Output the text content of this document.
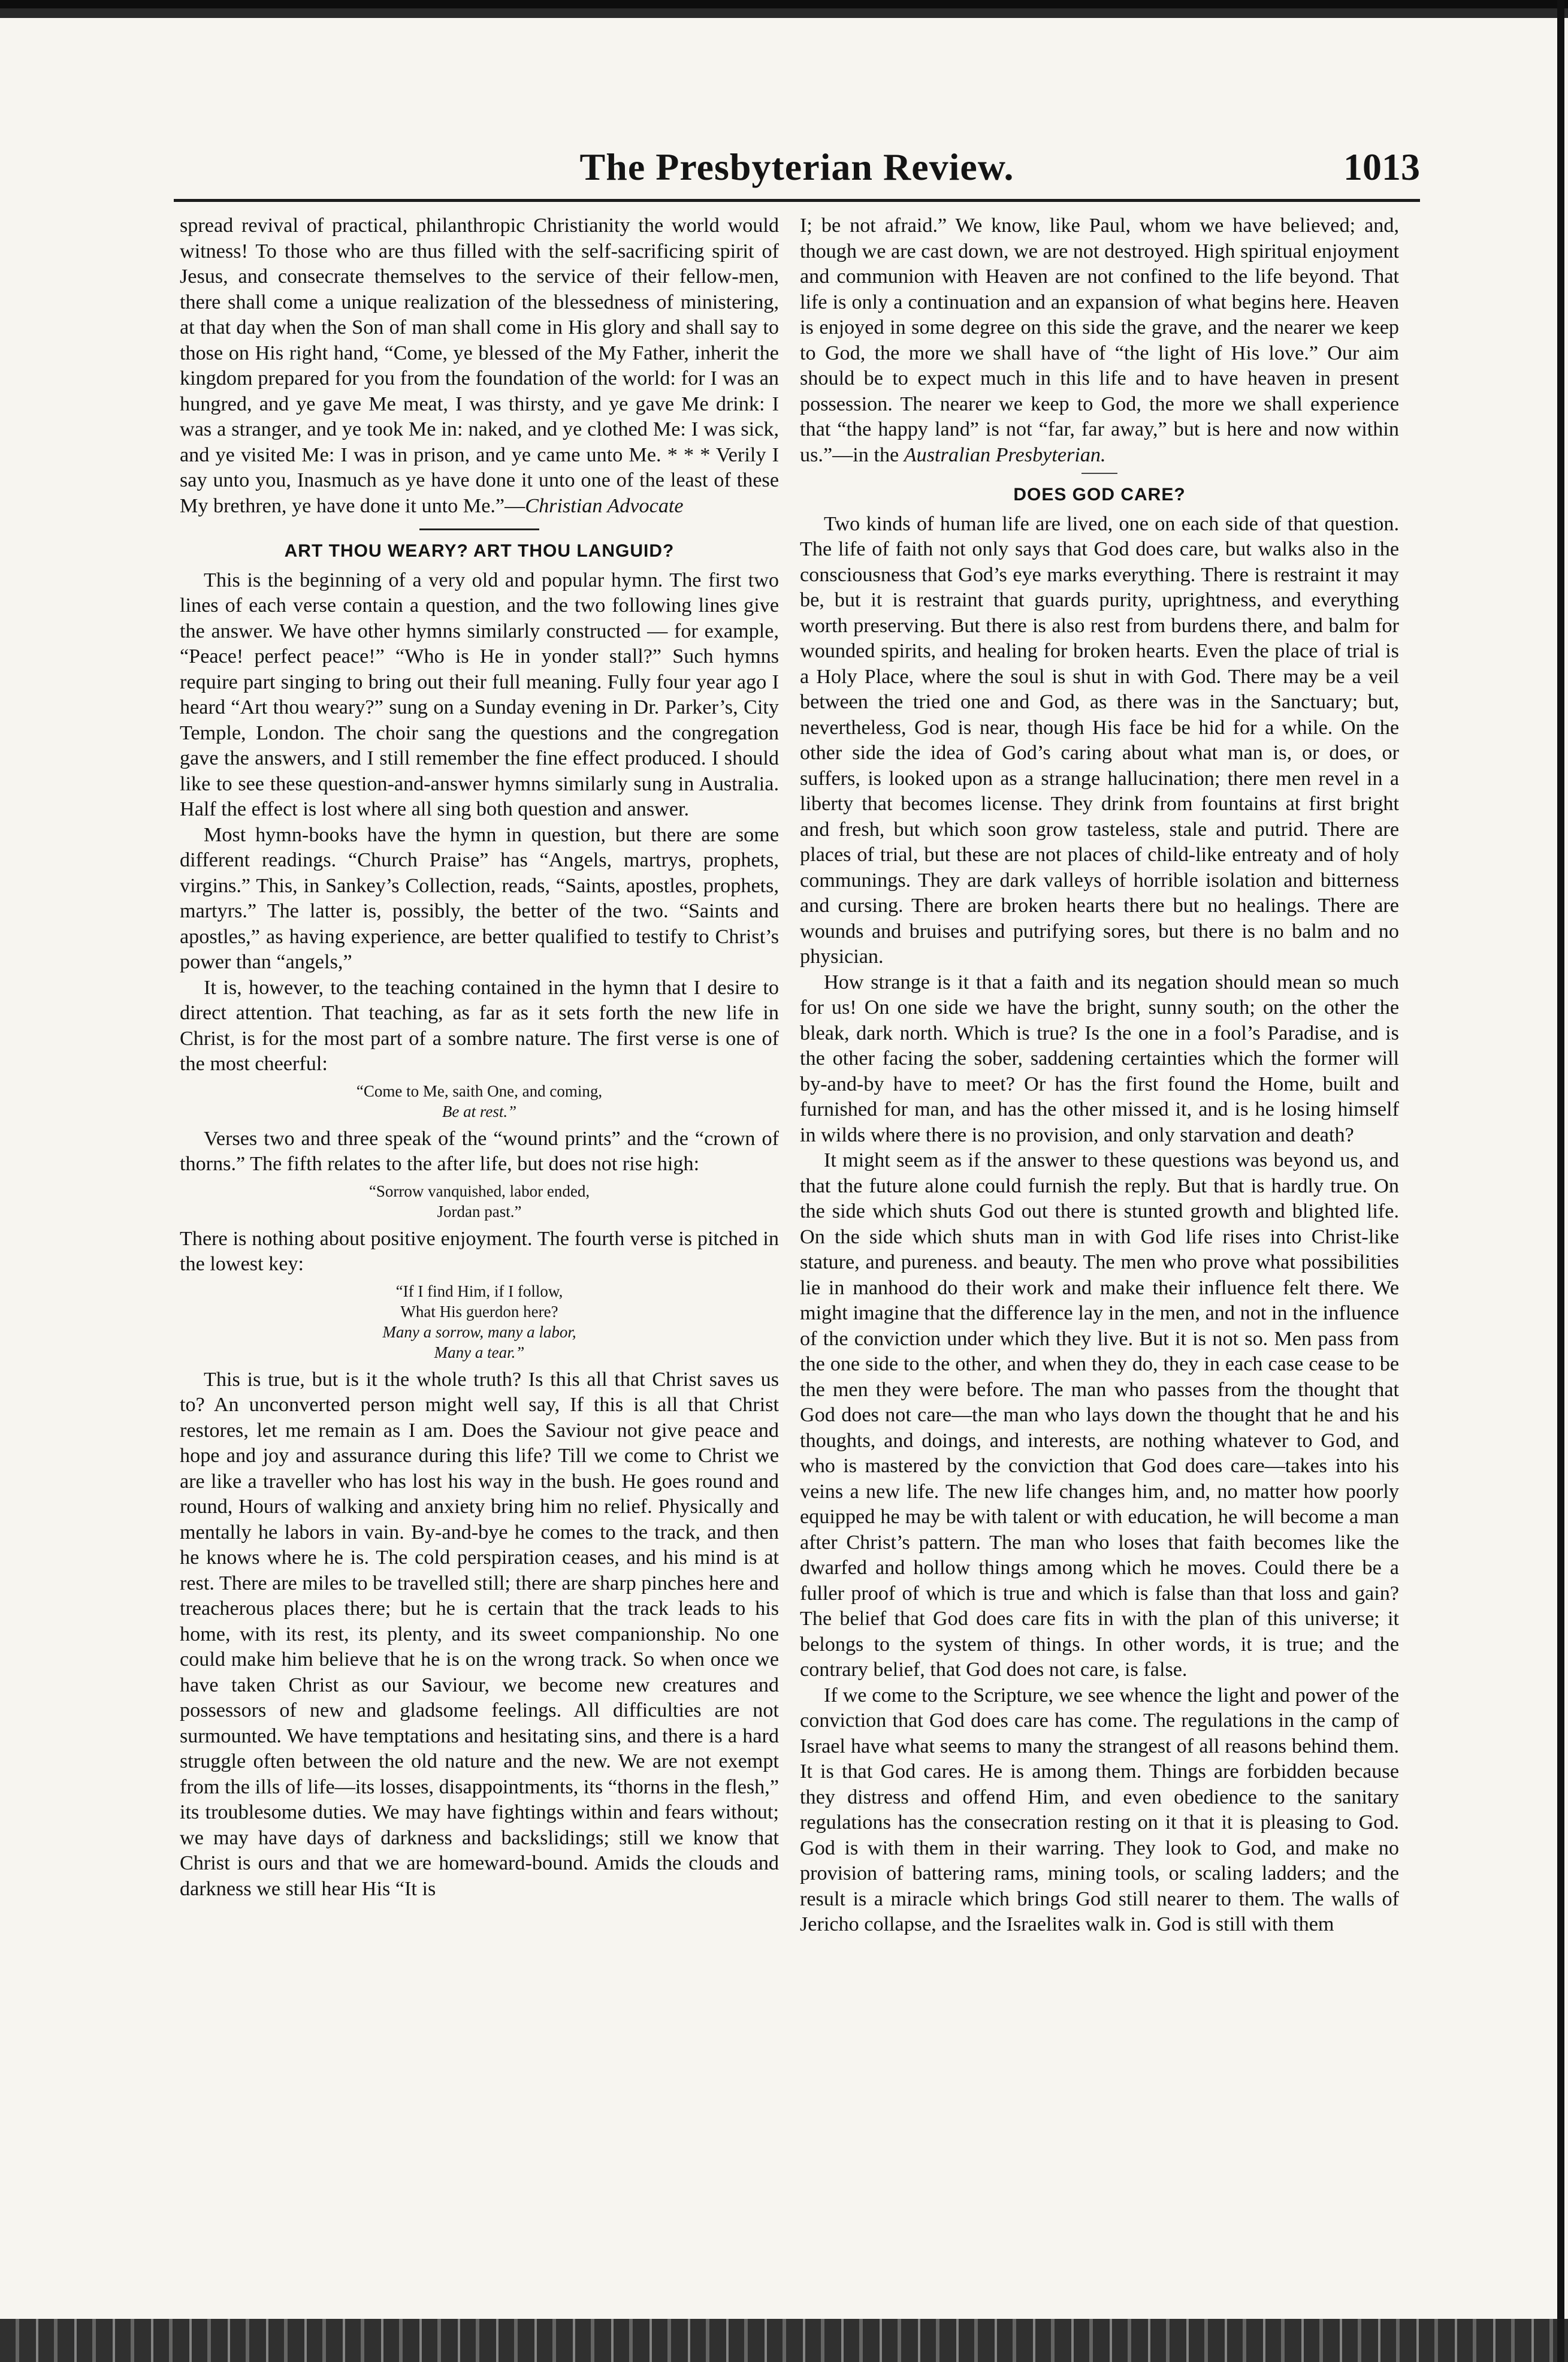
The Presbyterian Review.	1013

spread revival of practical, philanthropic Christianity the world would witness! To those who are thus filled with the self-sacrificing spirit of Jesus, and consecrate themselves to the service of their fellow-men, there shall come a unique realization of the blessedness of ministering, at that day when the Son of man shall come in His glory and shall say to those on His right hand, “Come, ye blessed of the My Father, inherit the kingdom prepared for you from the foundation of the world: for I was an hungred, and ye gave Me meat, I was thirsty, and ye gave Me drink: I was a stranger, and ye took Me in: naked, and ye clothed Me: I was sick, and ye visited Me: I was in prison, and ye came unto Me. * * * Verily I say unto you, Inasmuch as ye have done it unto one of the least of these My brethren, ye have done it unto Me.”—Christian Advocate

ART THOU WEARY? ART THOU LANGUID?

This is the beginning of a very old and popular hymn. The first two lines of each verse contain a question, and the two following lines give the answer. We have other hymns similarly constructed — for example, “Peace! perfect peace!” “Who is He in yonder stall?” Such hymns require part singing to bring out their full meaning. Fully four year ago I heard “Art thou weary?” sung on a Sunday evening in Dr. Parker’s, City Temple, London. The choir sang the questions and the congregation gave the answers, and I still remember the fine effect produced. I should like to see these question-and-answer hymns similarly sung in Australia. Half the effect is lost where all sing both question and answer.

Most hymn-books have the hymn in question, but there are some different readings. “Church Praise” has “Angels, martrys, prophets, virgins.” This, in Sankey’s Collection, reads, “Saints, apostles, prophets, martyrs.” The latter is, possibly, the better of the two. “Saints and apostles,” as having experience, are better qualified to testify to Christ’s power than “angels,”

It is, however, to the teaching contained in the hymn that I desire to direct attention. That teaching, as far as it sets forth the new life in Christ, is for the most part of a sombre nature. The first verse is one of the most cheerful:

“Come to Me, saith One, and coming,
Be at rest.”

Verses two and three speak of the “wound prints” and the “crown of thorns.” The fifth relates to the after life, but does not rise high:

“Sorrow vanquished, labor ended,
Jordan past.”

There is nothing about positive enjoyment. The fourth verse is pitched in the lowest key:

“If I find Him, if I follow,
What His guerdon here?
Many a sorrow, many a labor,
Many a tear.”

This is true, but is it the whole truth? Is this all that Christ saves us to? An unconverted person might well say, If this is all that Christ restores, let me remain as I am. Does the Saviour not give peace and hope and joy and assurance during this life? Till we come to Christ we are like a traveller who has lost his way in the bush. He goes round and round, Hours of walking and anxiety bring him no relief. Physically and mentally he labors in vain. By-and-bye he comes to the track, and then he knows where he is. The cold perspiration ceases, and his mind is at rest. There are miles to be travelled still; there are sharp pinches here and treacherous places there; but he is certain that the track leads to his home, with its rest, its plenty, and its sweet companionship. No one could make him believe that he is on the wrong track. So when once we have taken Christ as our Saviour, we become new creatures and possessors of new and gladsome feelings. All difficulties are not surmounted. We have temptations and hesitating sins, and there is a hard struggle often between the old nature and the new. We are not exempt from the ills of life—its losses, disappointments, its “thorns in the flesh,” its troublesome duties. We may have fightings within and fears without; we may have days of darkness and backslidings; still we know that Christ is ours and that we are homeward-bound. Amids the clouds and darkness we still hear His “It is

I; be not afraid.” We know, like Paul, whom we have believed; and, though we are cast down, we are not destroyed. High spiritual enjoyment and communion with Heaven are not confined to the life beyond. That life is only a continuation and an expansion of what begins here. Heaven is enjoyed in some degree on this side the grave, and the nearer we keep to God, the more we shall have of “the light of His love.” Our aim should be to expect much in this life and to have heaven in present possession. The nearer we keep to God, the more we shall experience that “the happy land” is not “far, far away,” but is here and now within us.”—in the Australian Presbyterian.

DOES GOD CARE?

Two kinds of human life are lived, one on each side of that question. The life of faith not only says that God does care, but walks also in the consciousness that God’s eye marks everything. There is restraint it may be, but it is restraint that guards purity, uprightness, and everything worth preserving. But there is also rest from burdens there, and balm for wounded spirits, and healing for broken hearts. Even the place of trial is a Holy Place, where the soul is shut in with God. There may be a veil between the tried one and God, as there was in the Sanctuary; but, nevertheless, God is near, though His face be hid for a while. On the other side the idea of God’s caring about what man is, or does, or suffers, is looked upon as a strange hallucination; there men revel in a liberty that becomes license. They drink from fountains at first bright and fresh, but which soon grow tasteless, stale and putrid. There are places of trial, but these are not places of child-like entreaty and of holy communings. They are dark valleys of horrible isolation and bitterness and cursing. There are broken hearts there but no healings. There are wounds and bruises and putrifying sores, but there is no balm and no physician.

How strange is it that a faith and its negation should mean so much for us! On one side we have the bright, sunny south; on the other the bleak, dark north. Which is true? Is the one in a fool’s Paradise, and is the other facing the sober, saddening certainties which the former will by-and-by have to meet? Or has the first found the Home, built and furnished for man, and has the other missed it, and is he losing himself in wilds where there is no provision, and only starvation and death?

It might seem as if the answer to these questions was beyond us, and that the future alone could furnish the reply. But that is hardly true. On the side which shuts God out there is stunted growth and blighted life. On the side which shuts man in with God life rises into Christ-like stature, and pureness. and beauty. The men who prove what possibilities lie in manhood do their work and make their influence felt there. We might imagine that the difference lay in the men, and not in the influence of the conviction under which they live. But it is not so. Men pass from the one side to the other, and when they do, they in each case cease to be the men they were before. The man who passes from the thought that God does not care—the man who lays down the thought that he and his thoughts, and doings, and interests, are nothing whatever to God, and who is mastered by the conviction that God does care—takes into his veins a new life. The new life changes him, and, no matter how poorly equipped he may be with talent or with education, he will become a man after Christ’s pattern. The man who loses that faith becomes like the dwarfed and hollow things among which he moves. Could there be a fuller proof of which is true and which is false than that loss and gain? The belief that God does care fits in with the plan of this universe; it belongs to the system of things. In other words, it is true; and the contrary belief, that God does not care, is false.

If we come to the Scripture, we see whence the light and power of the conviction that God does care has come. The regulations in the camp of Israel have what seems to many the strangest of all reasons behind them. It is that God cares. He is among them. Things are forbidden because they distress and offend Him, and even obedience to the sanitary regulations has the consecration resting on it that it is pleasing to God. God is with them in their warring. They look to God, and make no provision of battering rams, mining tools, or scaling ladders; and the result is a miracle which brings God still nearer to them. The walls of Jericho collapse, and the Israelites walk in. God is still with them
